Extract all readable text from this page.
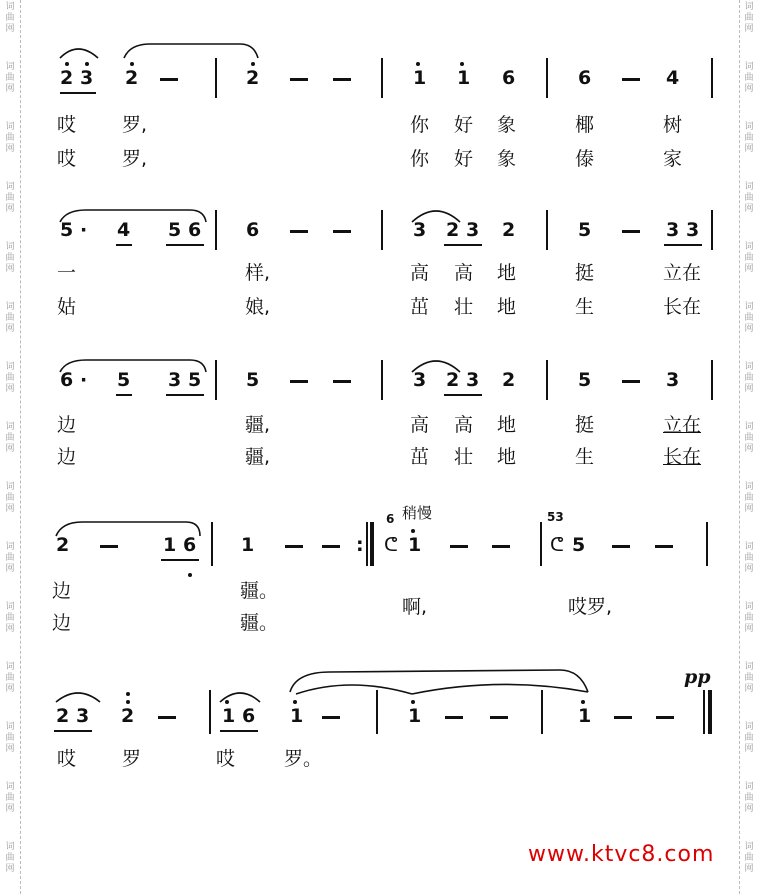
词
曲
网
词
曲
网
词
曲
网
词
曲
网
词
曲
网
词
曲
网
词
曲
网
词
曲
网
词
曲
网
词
曲
网
词
曲
网
词
曲
网
词
曲
网
词
曲
网
词
曲
网
词
曲
网
词
曲
网
词
曲
网
词
曲
网
词
曲
网
词
曲
网
词
曲
网
词
曲
网
词
曲
网
词
曲
网
词
曲
网
词
曲
网
词
曲
网
词
曲
网
词
曲
网
2 3 2	2	1 1 6	6	4
哎 罗,	你 好 象	椰	树
哎 罗,	你 好 象	傣	家
5 · 4 5 6 6	3 2 3 2	5	3 3
一	样,	高 高 地	挺	立在
姑	娘,	茁 壮 地	生	长在
6 · 5 3 5 5	3 2 3 2	5	3
边	疆,	高 高 地	挺	立在
边	疆,	茁 壮 地	生	长在
稍慢
2	1 6 1	:
6
ᕦ 1
53
ᕦ 5
边	疆。
啊,	哎罗,
边	疆。
pp
2 3 2	1 6 1	1	1
哎 罗	哎	罗。
www.ktvc8.com
